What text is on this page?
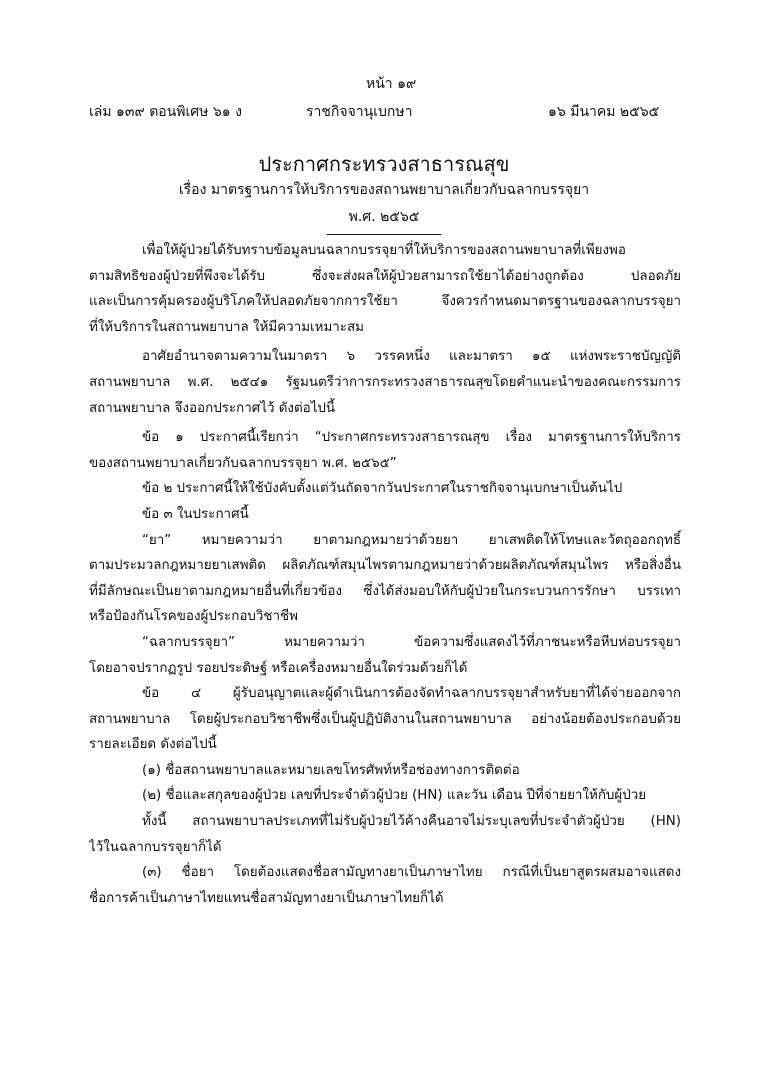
หน้า ๑๙
เล่ม ๑๓๙ ตอนพิเศษ ๖๑ ง	ราชกิจจานุเบกษา	๑๖ มีนาคม ๒๕๖๕
ประกาศกระทรวงสาธารณสุข
เรื่อง มาตรฐานการให้บริการของสถานพยาบาลเกี่ยวกับฉลากบรรจุยา
พ.ศ. ๒๕๖๕
เพื่อให้ผู้ป่วยได้รับทราบข้อมูลบนฉลากบรรจุยาที่ให้บริการของสถานพยาบาลที่เพียงพอ
ตามสิทธิของผู้ป่วยที่พึงจะได้รับ ซึ่งจะส่งผลให้ผู้ป่วยสามารถใช้ยาได้อย่างถูกต้อง ปลอดภัย
และเป็นการคุ้มครองผู้บริโภคให้ปลอดภัยจากการใช้ยา จึงควรกำหนดมาตรฐานของฉลากบรรจุยา
ที่ให้บริการในสถานพยาบาล ให้มีความเหมาะสม
อาศัยอำนาจตามความในมาตรา ๖ วรรคหนึ่ง และมาตรา ๑๕ แห่งพระราชบัญญัติ
สถานพยาบาล พ.ศ. ๒๕๔๑ รัฐมนตรีว่าการกระทรวงสาธารณสุขโดยคำแนะนำของคณะกรรมการ
สถานพยาบาล จึงออกประกาศไว้ ดังต่อไปนี้
ข้อ ๑ ประกาศนี้เรียกว่า “ประกาศกระทรวงสาธารณสุข เรื่อง มาตรฐานการให้บริการ
ของสถานพยาบาลเกี่ยวกับฉลากบรรจุยา พ.ศ. ๒๕๖๕”
ข้อ ๒ ประกาศนี้ให้ใช้บังคับตั้งแต่วันถัดจากวันประกาศในราชกิจจานุเบกษาเป็นต้นไป
ข้อ ๓ ในประกาศนี้
“ยา” หมายความว่า ยาตามกฎหมายว่าด้วยยา ยาเสพติดให้โทษและวัตถุออกฤทธิ์
ตามประมวลกฎหมายยาเสพติด ผลิตภัณฑ์สมุนไพรตามกฎหมายว่าด้วยผลิตภัณฑ์สมุนไพร หรือสิ่งอื่น
ที่มีลักษณะเป็นยาตามกฎหมายอื่นที่เกี่ยวข้อง ซึ่งได้ส่งมอบให้กับผู้ป่วยในกระบวนการรักษา บรรเทา
หรือป้องกันโรคของผู้ประกอบวิชาชีพ
“ฉลากบรรจุยา” หมายความว่า ข้อความซึ่งแสดงไว้ที่ภาชนะหรือหีบห่อบรรจุยา
โดยอาจปรากฏรูป รอยประดิษฐ์ หรือเครื่องหมายอื่นใดร่วมด้วยก็ได้
ข้อ ๔ ผู้รับอนุญาตและผู้ดำเนินการต้องจัดทำฉลากบรรจุยาสำหรับยาที่ได้จ่ายออกจาก
สถานพยาบาล โดยผู้ประกอบวิชาชีพซึ่งเป็นผู้ปฏิบัติงานในสถานพยาบาล อย่างน้อยต้องประกอบด้วย
รายละเอียด ดังต่อไปนี้
(๑) ชื่อสถานพยาบาลและหมายเลขโทรศัพท์หรือช่องทางการติดต่อ
(๒) ชื่อและสกุลของผู้ป่วย เลขที่ประจำตัวผู้ป่วย (HN) และวัน เดือน ปีที่จ่ายยาให้กับผู้ป่วย
ทั้งนี้ สถานพยาบาลประเภทที่ไม่รับผู้ป่วยไว้ค้างคืนอาจไม่ระบุเลขที่ประจำตัวผู้ป่วย (HN)
ไว้ในฉลากบรรจุยาก็ได้
(๓) ชื่อยา โดยต้องแสดงชื่อสามัญทางยาเป็นภาษาไทย กรณีที่เป็นยาสูตรผสมอาจแสดง
ชื่อการค้าเป็นภาษาไทยแทนชื่อสามัญทางยาเป็นภาษาไทยก็ได้
